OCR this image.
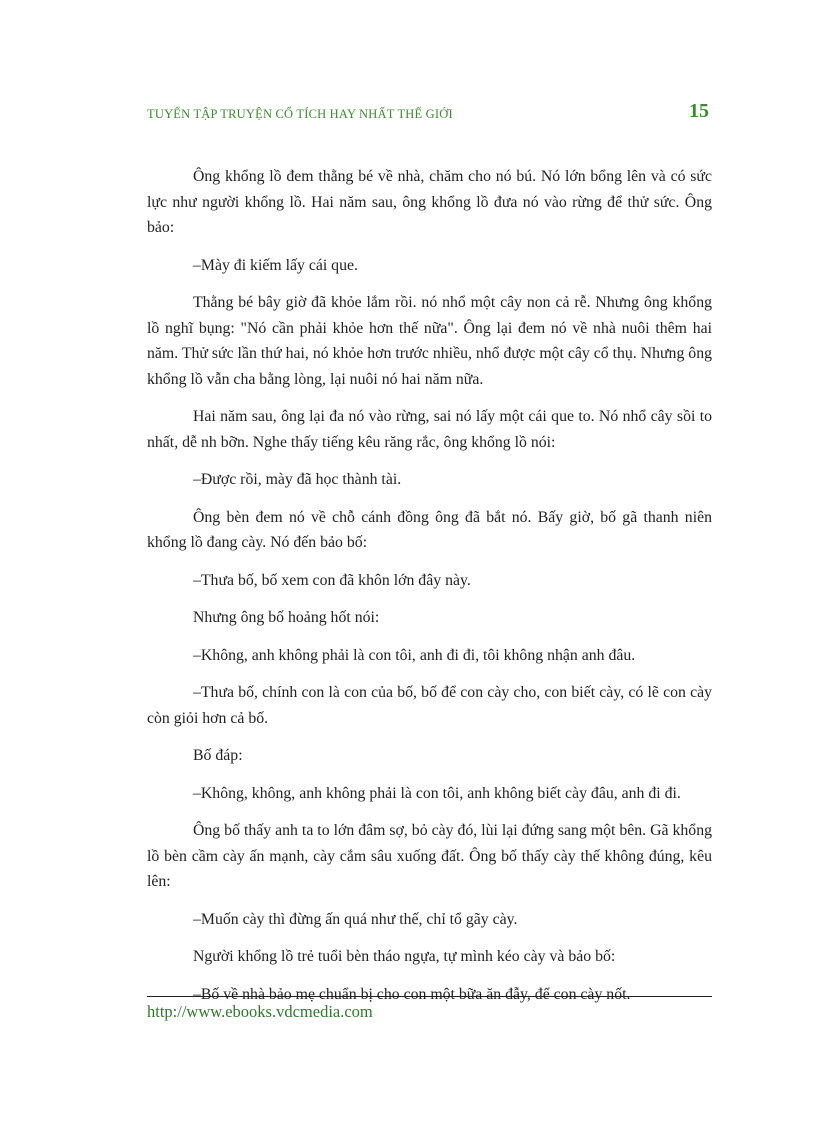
TUYỂN TẬP TRUYỆN CỔ TÍCH HAY NHẤT THẾ GIỚI	15

Ông khổng lồ đem thằng bé về nhà, chăm cho nó bú. Nó lớn bổng lên và có sức lực như người khổng lồ. Hai năm sau, ông khổng lồ đưa nó vào rừng để thử sức. Ông bảo:

–Mày đi kiếm lấy cái que.

Thằng bé bây giờ đã khỏe lắm rồi. nó nhổ một cây non cả rễ. Nhưng ông khổng lồ nghĩ bụng: "Nó cần phải khỏe hơn thế nữa". Ông lại đem nó về nhà nuôi thêm hai năm. Thử sức lần thứ hai, nó khỏe hơn trước nhiều, nhổ được một cây cổ thụ. Nhưng ông khổng lồ vẫn cha bằng lòng, lại nuôi nó hai năm nữa.

Hai năm sau, ông lại đa nó vào rừng, sai nó lấy một cái que to. Nó nhổ cây sồi to nhất, dễ nh bỡn. Nghe thấy tiếng kêu răng rắc, ông khổng lồ nói:

–Được rồi, mày đã học thành tài.

Ông bèn đem nó về chỗ cánh đồng ông đã bắt nó. Bấy giờ, bố gã thanh niên khổng lồ đang cày. Nó đến bảo bố:

–Thưa bố, bố xem con đã khôn lớn đây này.

Nhưng ông bố hoảng hốt nói:

–Không, anh không phải là con tôi, anh đi đi, tôi không nhận anh đâu.

–Thưa bố, chính con là con của bố, bố để con cày cho, con biết cày, có lẽ con cày còn giỏi hơn cả bố.

Bố đáp:

–Không, không, anh không phải là con tôi, anh không biết cày đâu, anh đi đi.

Ông bố thấy anh ta to lớn đâm sợ, bỏ cày đó, lùi lại đứng sang một bên. Gã khổng lồ bèn cầm cày ấn mạnh, cày cắm sâu xuống đất. Ông bố thấy cày thế không đúng, kêu lên:

–Muốn cày thì đừng ấn quá như thế, chỉ tổ gãy cày.

Người khổng lồ trẻ tuổi bèn tháo ngựa, tự mình kéo cày và bảo bố:

–Bố về nhà bảo mẹ chuẩn bị cho con một bữa ăn đẫy, để con cày nốt.

http://www.ebooks.vdcmedia.com
